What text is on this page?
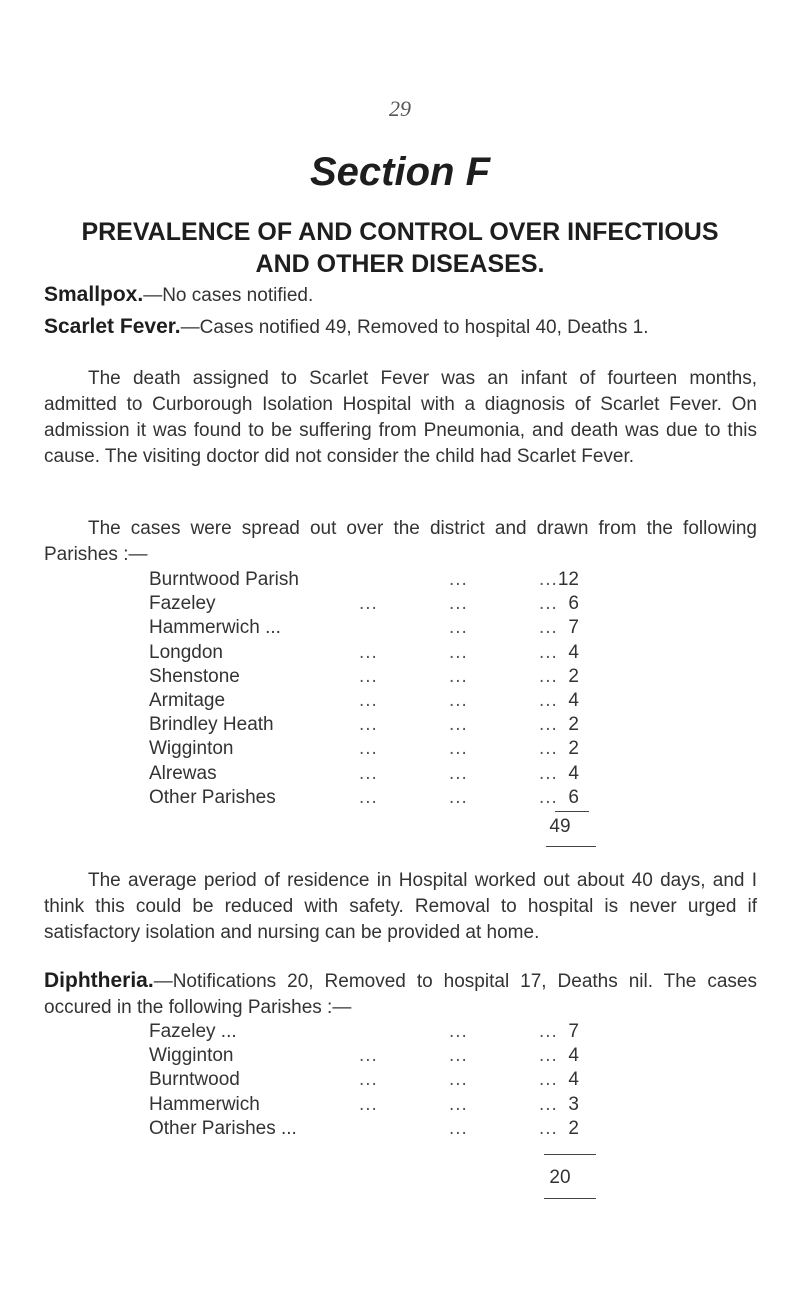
29
Section F
PREVALENCE OF AND CONTROL OVER INFECTIOUS AND OTHER DISEASES.
Smallpox.—No cases notified.
Scarlet Fever.—Cases notified 49, Removed to hospital 40, Deaths 1.
The death assigned to Scarlet Fever was an infant of fourteen months, admitted to Curborough Isolation Hospital with a diagnosis of Scarlet Fever. On admission it was found to be suffering from Pneumonia, and death was due to this cause. The visiting doctor did not consider the child had Scarlet Fever.
The cases were spread out over the district and drawn from the following Parishes :—
Burntwood Parish	...	... 12
Fazeley	...	...	... 6
Hammerwich ...	...	... 7
Longdon	...	...	... 4
Shenstone	...	...	... 2
Armitage	...	...	... 4
Brindley Heath	...	...	... 2
Wigginton	...	...	... 2
Alrewas	...	...	... 4
Other Parishes	...	...	... 6
49
The average period of residence in Hospital worked out about 40 days, and I think this could be reduced with safety. Removal to hospital is never urged if satisfactory isolation and nursing can be provided at home.
Diphtheria.—Notifications 20, Removed to hospital 17, Deaths nil. The cases occured in the following Parishes :—
Fazeley ...	...	... 7
Wigginton	...	...	... 4
Burntwood	...	...	... 4
Hammerwich	...	...	... 3
Other Parishes ...	...	... 2
20
